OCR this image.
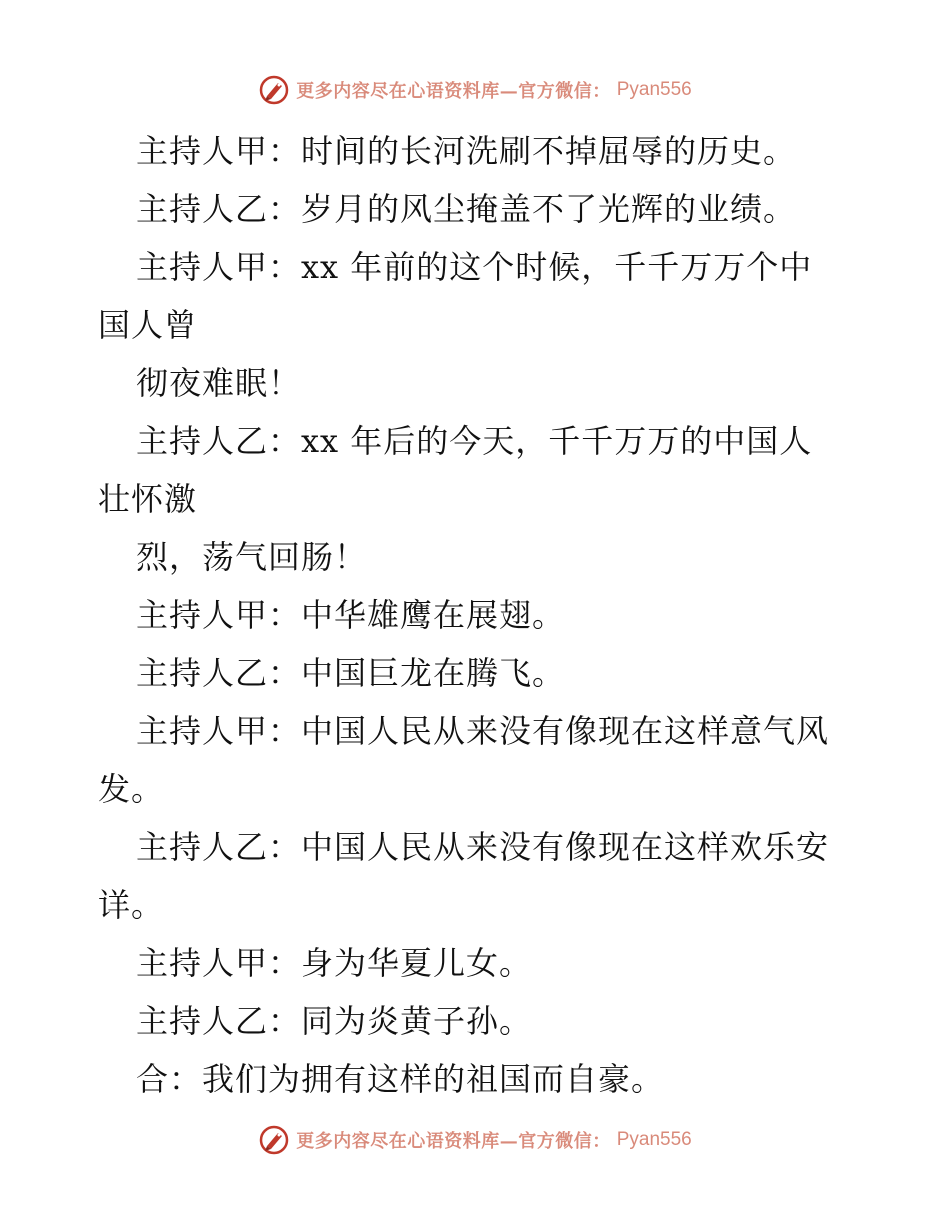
更多内容尽在心语资料库—官方微信： Pyan556
主持人甲：时间的长河洗刷不掉屈辱的历史。
主持人乙：岁月的风尘掩盖不了光辉的业绩。
主持人甲：xx 年前的这个时候，千千万万个中
国人曾
彻夜难眠！
主持人乙：xx 年后的今天，千千万万的中国人
壮怀激
烈，荡气回肠！
主持人甲：中华雄鹰在展翅。
主持人乙：中国巨龙在腾飞。
主持人甲：中国人民从来没有像现在这样意气风
发。
主持人乙：中国人民从来没有像现在这样欢乐安
详。
主持人甲：身为华夏儿女。
主持人乙：同为炎黄子孙。
合：我们为拥有这样的祖国而自豪。
更多内容尽在心语资料库—官方微信： Pyan556
